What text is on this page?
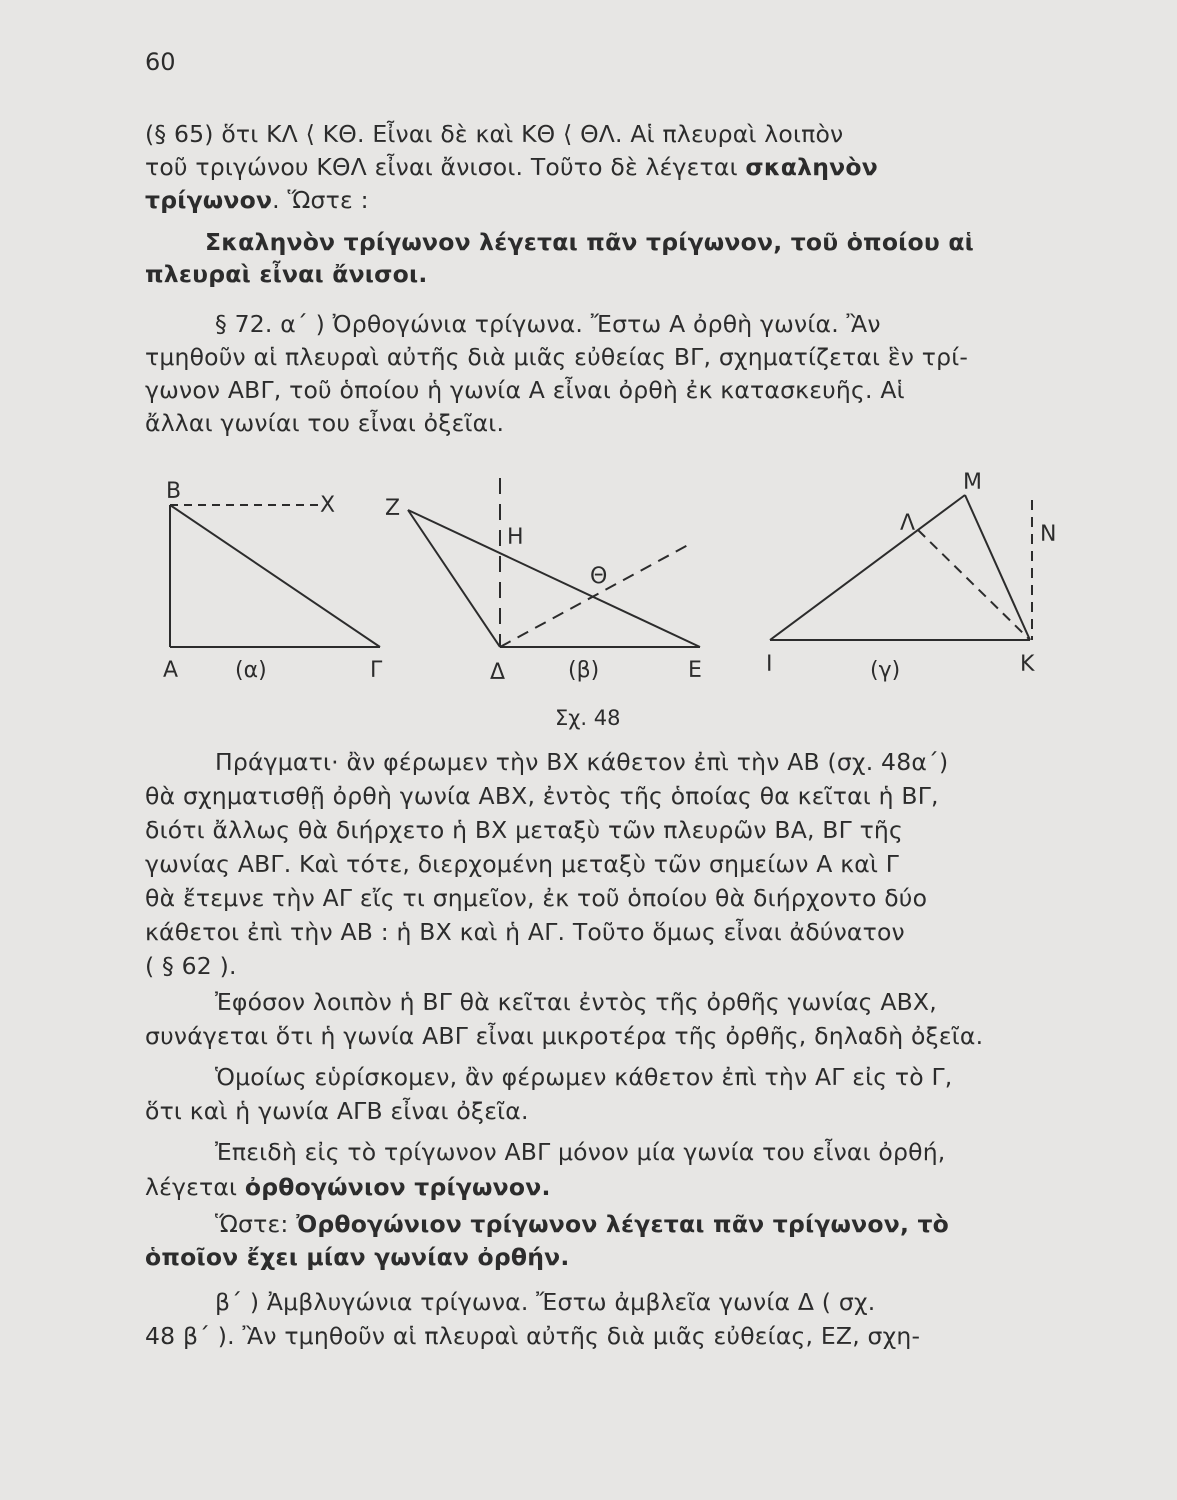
60
(§ 65) ὅτι ΚΛ ⟨ ΚΘ. Εἶναι δὲ καὶ ΚΘ ⟨ ΘΛ. Αἱ πλευραὶ λοιπὸν
τοῦ τριγώνου ΚΘΛ εἶναι ἄνισοι. Τοῦτο δὲ λέγεται σκαληνὸν
τρίγωνον. Ὥστε :
Σκαληνὸν τρίγωνον λέγεται πᾶν τρίγωνον, τοῦ ὁποίου αἱ
πλευραὶ εἶναι ἄνισοι.
§ 72. α΄ ) Ὀρθογώνια τρίγωνα. Ἔστω Α ὀρθὴ γωνία. Ἂν
τμηθοῦν αἱ πλευραὶ αὐτῆς διὰ μιᾶς εὐθείας ΒΓ, σχηματίζεται ἓν τρί-
γωνον ΑΒΓ, τοῦ ὁποίου ἡ γωνία Α εἶναι ὀρθὴ ἐκ κατασκευῆς. Αἱ
ἄλλαι γωνίαι του εἶναι ὀξεῖαι.
Β
Χ
Α	(α)	Γ
Ζ
Η
Θ
Δ	(β)	Ε
Μ
Λ	Ν
Ι	(γ)	Κ
Σχ. 48
Πράγματι· ἂν φέρωμεν τὴν ΒΧ κάθετον ἐπὶ τὴν ΑΒ (σχ. 48α΄)
θὰ σχηματισθῇ ὀρθὴ γωνία ΑΒΧ, ἐντὸς τῆς ὁποίας θα κεῖται ἡ ΒΓ,
διότι ἄλλως θὰ διήρχετο ἡ ΒΧ μεταξὺ τῶν πλευρῶν ΒΑ, ΒΓ τῆς
γωνίας ΑΒΓ. Καὶ τότε, διερχομένη μεταξὺ τῶν σημείων Α καὶ Γ
θὰ ἔτεμνε τὴν ΑΓ εἴς τι σημεῖον, ἐκ τοῦ ὁποίου θὰ διήρχοντο δύο
κάθετοι ἐπὶ τὴν ΑΒ : ἡ ΒΧ καὶ ἡ ΑΓ. Τοῦτο ὅμως εἶναι ἀδύνατον
( § 62 ).
Ἐφόσον λοιπὸν ἡ ΒΓ θὰ κεῖται ἐντὸς τῆς ὀρθῆς γωνίας ΑΒΧ,
συνάγεται ὅτι ἡ γωνία ΑΒΓ εἶναι μικροτέρα τῆς ὀρθῆς, δηλαδὴ ὀξεῖα.
Ὁμοίως εὑρίσκομεν, ἂν φέρωμεν κάθετον ἐπὶ τὴν ΑΓ εἰς τὸ Γ,
ὅτι καὶ ἡ γωνία ΑΓΒ εἶναι ὀξεῖα.
Ἐπειδὴ εἰς τὸ τρίγωνον ΑΒΓ μόνον μία γωνία του εἶναι ὀρθή,
λέγεται ὀρθογώνιον τρίγωνον.
Ὥστε: Ὀρθογώνιον τρίγωνον λέγεται πᾶν τρίγωνον, τὸ
ὁποῖον ἔχει μίαν γωνίαν ὀρθήν.
β΄ ) Ἀμβλυγώνια τρίγωνα. Ἔστω ἀμβλεῖα γωνία Δ ( σχ.
48 β΄ ). Ἂν τμηθοῦν αἱ πλευραὶ αὐτῆς διὰ μιᾶς εὐθείας, ΕΖ, σχη-
